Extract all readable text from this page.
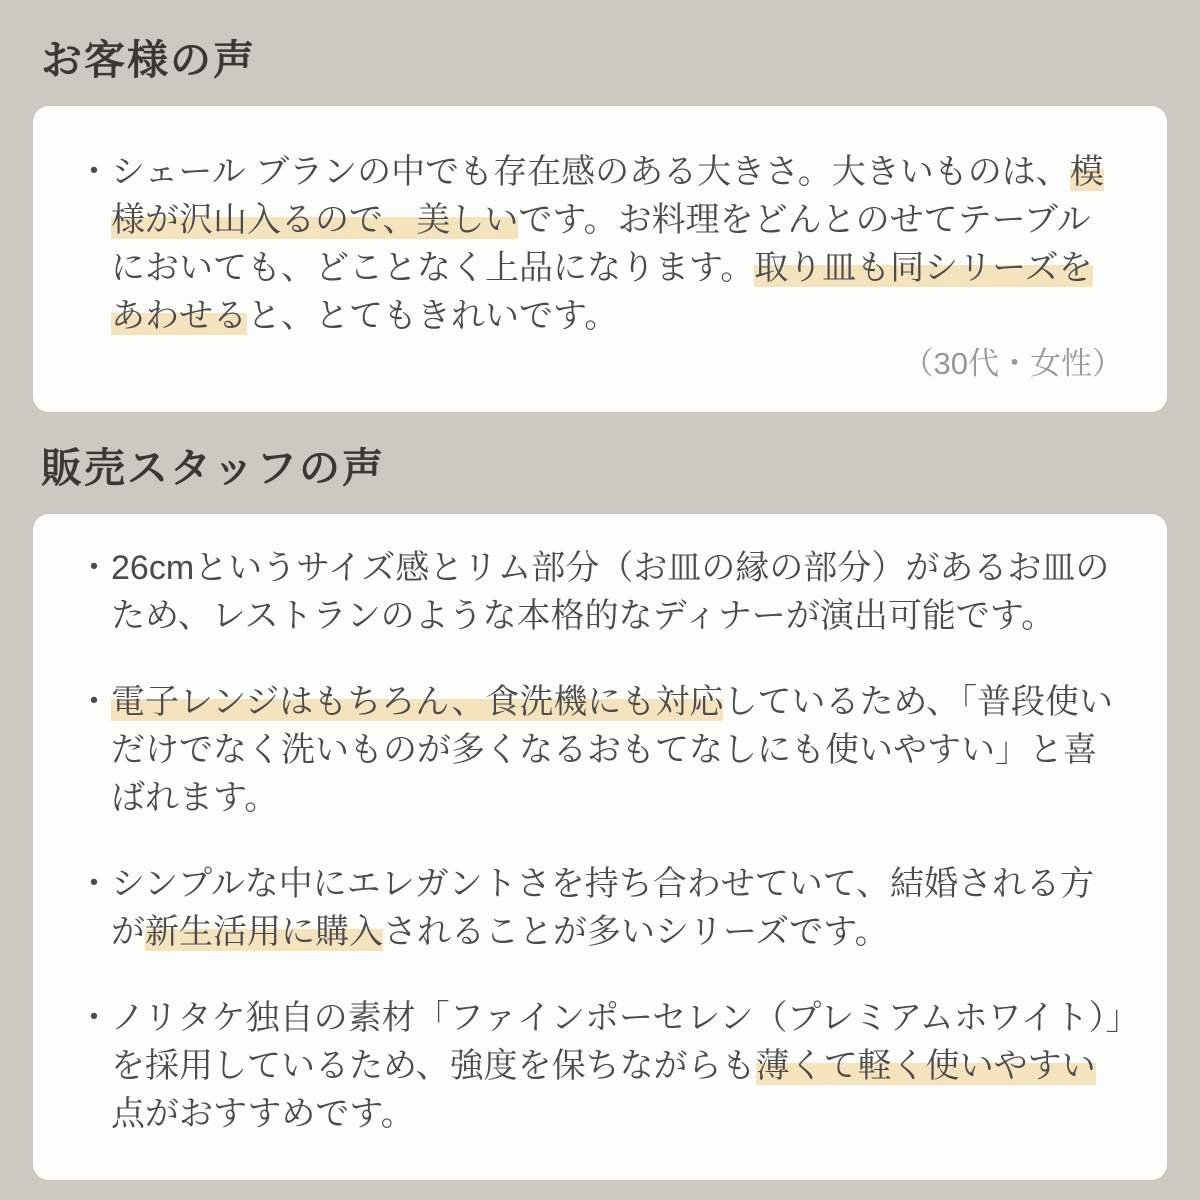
お客様の声
・ シェール ブランの中でも存在感のある大きさ。大きいものは、模様が沢山入るので、美しいです。お料理をどんとのせてテーブルにおいても、どことなく上品になります。取り皿も同シリーズをあわせると、とてもきれいです。

（30代・女性）
販売スタッフの声
・ 26cmというサイズ感とリム部分（お皿の縁の部分）があるお皿のため、レストランのような本格的なディナーが演出可能です。

・ 電子レンジはもちろん、食洗機にも対応しているため、「普段使いだけでなく洗いものが多くなるおもてなしにも使いやすい」と喜ばれます。

・ シンプルな中にエレガントさを持ち合わせていて、結婚される方が新生活用に購入されることが多いシリーズです。

・ ノリタケ独自の素材「ファインポーセレン（プレミアムホワイト）」を採用しているため、強度を保ちながらも薄くて軽く使いやすい点がおすすめです。
